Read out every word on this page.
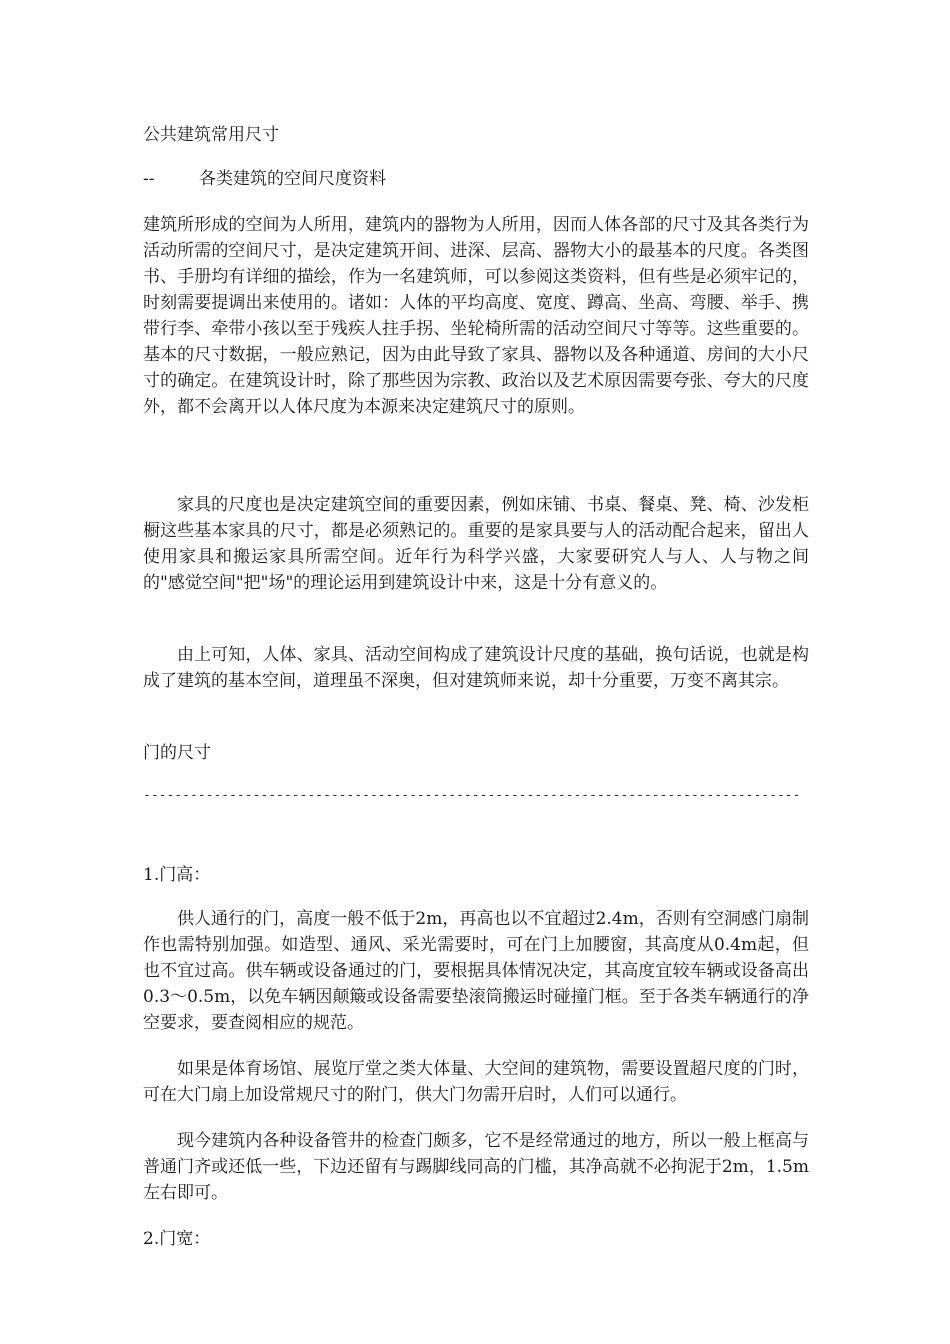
公共建筑常用尺寸
--	各类建筑的空间尺度资料

建筑所形成的空间为人所用，建筑内的器物为人所用，因而人体各部的尺寸及其各类行为活动所需的空间尺寸，是决定建筑开间、进深、层高、器物大小的最基本的尺度。各类图书、手册均有详细的描绘，作为一名建筑师，可以参阅这类资料，但有些是必须牢记的，时刻需要提调出来使用的。诸如：人体的平均高度、宽度、蹲高、坐高、弯腰、举手、携带行李、牵带小孩以至于残疾人拄手拐、坐轮椅所需的活动空间尺寸等等。这些重要的。基本的尺寸数据，一般应熟记，因为由此导致了家具、器物以及各种通道、房间的大小尺寸的确定。在建筑设计时，除了那些因为宗教、政治以及艺术原因需要夸张、夸大的尺度外，都不会离开以人体尺度为本源来决定建筑尺寸的原则。

家具的尺度也是决定建筑空间的重要因素，例如床铺、书桌、餐桌、凳、椅、沙发柜橱这些基本家具的尺寸，都是必须熟记的。重要的是家具要与人的活动配合起来，留出人使用家具和搬运家具所需空间。近年行为科学兴盛，大家要研究人与人、人与物之间的"感觉空间"把"场"的理论运用到建筑设计中来，这是十分有意义的。

由上可知，人体、家具、活动空间构成了建筑设计尺度的基础，换句话说，也就是构成了建筑的基本空间，道理虽不深奥，但对建筑师来说，却十分重要，万变不离其宗。

门的尺寸
------------------------------------------------------------------------------------
1.门高：

供人通行的门，高度一般不低于2m，再高也以不宜超过2.4m，否则有空洞感门扇制作也需特别加强。如造型、通风、采光需要时，可在门上加腰窗，其高度从0.4m起，但也不宜过高。供车辆或设备通过的门，要根据具体情况决定，其高度宜较车辆或设备高出0.3～0.5m，以免车辆因颠簸或设备需要垫滚筒搬运时碰撞门框。至于各类车辆通行的净空要求，要查阅相应的规范。

如果是体育场馆、展览厅堂之类大体量、大空间的建筑物，需要设置超尺度的门时，可在大门扇上加设常规尺寸的附门，供大门勿需开启时，人们可以通行。

现今建筑内各种设备管井的检查门颇多，它不是经常通过的地方，所以一般上框高与普通门齐或还低一些，下边还留有与踢脚线同高的门槛，其净高就不必拘泥于2m，1.5m左右即可。

2.门宽：
